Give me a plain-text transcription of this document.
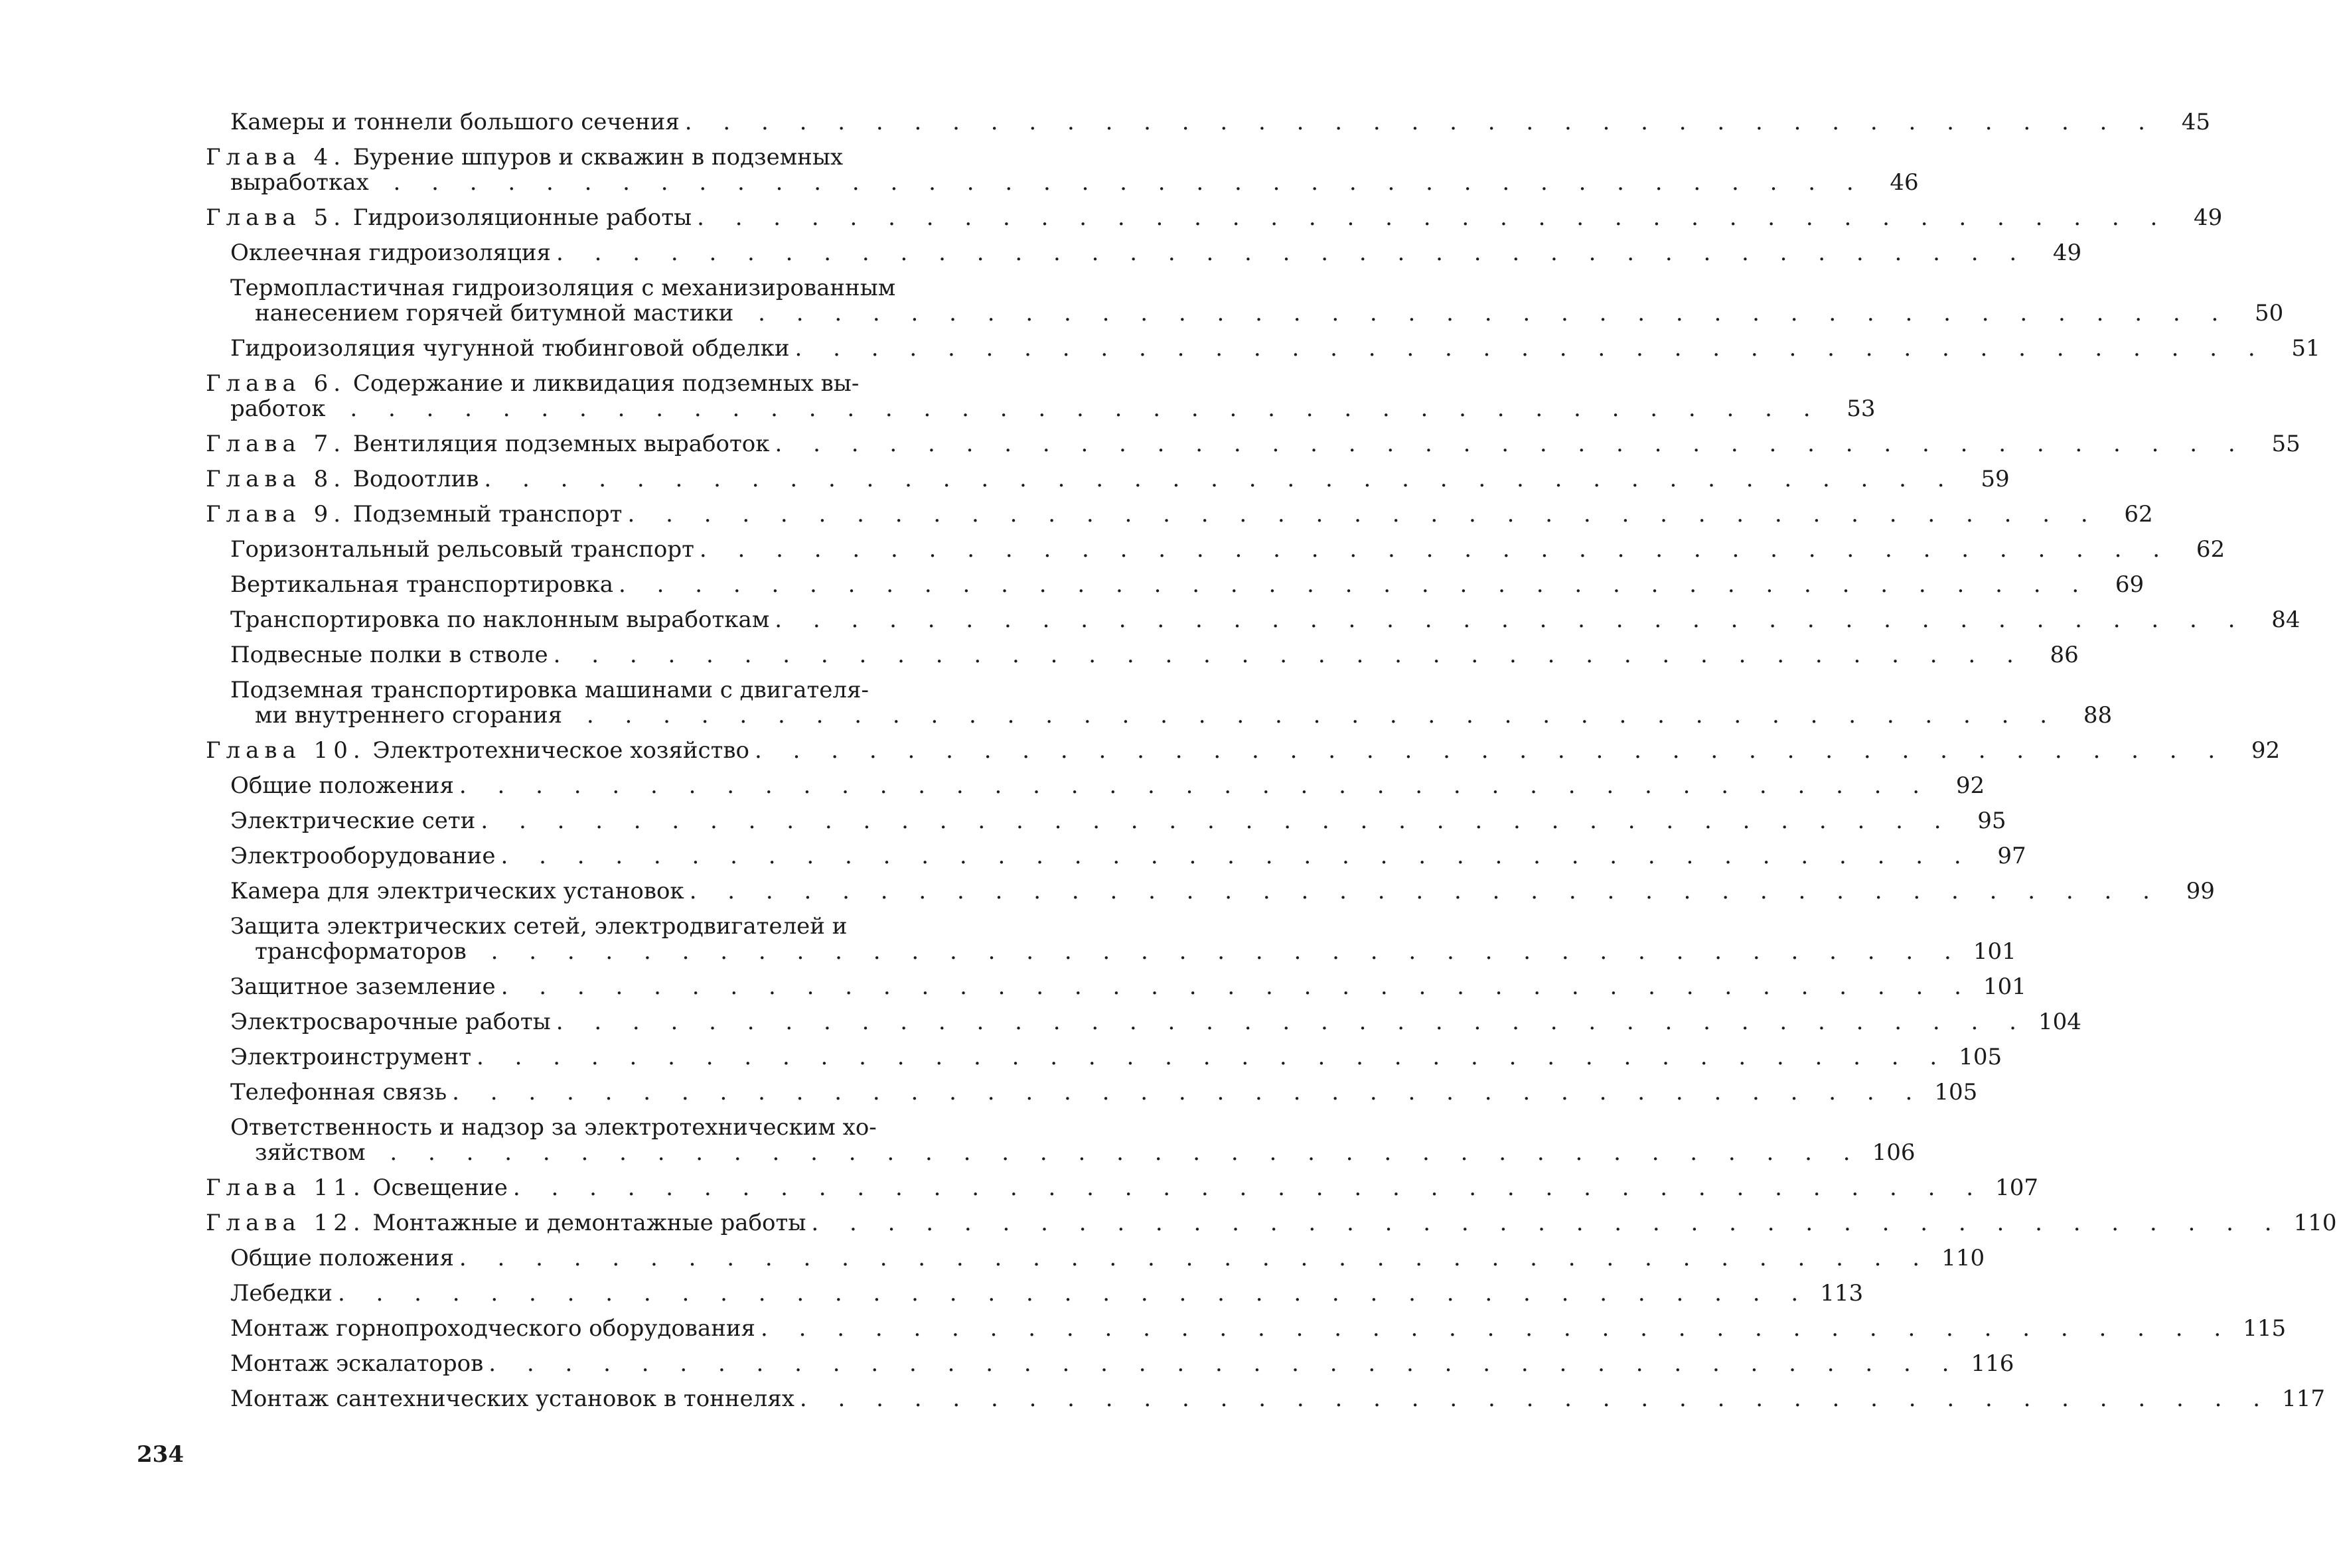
Камеры и тоннели большого сечения . . . . . . . . . . . . . . . . . . . . . . . . . . . . . . . . . . . . . . .	45
Глава 4. Бурение шпуров и скважин в подземных
выработках . . . . . . . . . . . . . . . . . . . . . . . . . . . . . . . . . . . . . . .	46
Глава 5. Гидроизоляционные работы . . . . . . . . . . . . . . . . . . . . . . . . . . . . . . . . . . . . . . .	49
Оклеечная гидроизоляция . . . . . . . . . . . . . . . . . . . . . . . . . . . . . . . . . . . . . . .	49
Термопластичная гидроизоляция с механизированным
нанесением горячей битумной мастики . . . . . . . . . . . . . . . . . . . . . . . . . . . . . . . . . . . . . . .	50
Гидроизоляция чугунной тюбинговой обделки . . . . . . . . . . . . . . . . . . . . . . . . . . . . . . . . . . . . . . .	51
Глава 6. Содержание и ликвидация подземных вы-
работок . . . . . . . . . . . . . . . . . . . . . . . . . . . . . . . . . . . . . . .	53
Глава 7. Вентиляция подземных выработок . . . . . . . . . . . . . . . . . . . . . . . . . . . . . . . . . . . . . . .	55
Глава 8. Водоотлив . . . . . . . . . . . . . . . . . . . . . . . . . . . . . . . . . . . . . . .	59
Глава 9. Подземный транспорт . . . . . . . . . . . . . . . . . . . . . . . . . . . . . . . . . . . . . . .	62
Горизонтальный рельсовый транспорт . . . . . . . . . . . . . . . . . . . . . . . . . . . . . . . . . . . . . . .	62
Вертикальная транспортировка . . . . . . . . . . . . . . . . . . . . . . . . . . . . . . . . . . . . . . .	69
Транспортировка по наклонным выработкам . . . . . . . . . . . . . . . . . . . . . . . . . . . . . . . . . . . . . . .	84
Подвесные полки в стволе . . . . . . . . . . . . . . . . . . . . . . . . . . . . . . . . . . . . . . .	86
Подземная транспортировка машинами с двигателя-
ми внутреннего сгорания . . . . . . . . . . . . . . . . . . . . . . . . . . . . . . . . . . . . . . .	88
Глава 10. Электротехническое хозяйство . . . . . . . . . . . . . . . . . . . . . . . . . . . . . . . . . . . . . . .	92
Общие положения . . . . . . . . . . . . . . . . . . . . . . . . . . . . . . . . . . . . . . .	92
Электрические сети . . . . . . . . . . . . . . . . . . . . . . . . . . . . . . . . . . . . . . .	95
Электрооборудование . . . . . . . . . . . . . . . . . . . . . . . . . . . . . . . . . . . . . . .	97
Камера для электрических установок . . . . . . . . . . . . . . . . . . . . . . . . . . . . . . . . . . . . . . .	99
Защита электрических сетей, электродвигателей и
трансформаторов . . . . . . . . . . . . . . . . . . . . . . . . . . . . . . . . . . . . . . . 101
Защитное заземление . . . . . . . . . . . . . . . . . . . . . . . . . . . . . . . . . . . . . . . 101
Электросварочные работы . . . . . . . . . . . . . . . . . . . . . . . . . . . . . . . . . . . . . . . 104
Электроинструмент . . . . . . . . . . . . . . . . . . . . . . . . . . . . . . . . . . . . . . . 105
Телефонная связь . . . . . . . . . . . . . . . . . . . . . . . . . . . . . . . . . . . . . . . 105
Ответственность и надзор за электротехническим хо-
зяйством . . . . . . . . . . . . . . . . . . . . . . . . . . . . . . . . . . . . . . . 106
Глава 11. Освещение . . . . . . . . . . . . . . . . . . . . . . . . . . . . . . . . . . . . . . . 107
Глава 12. Монтажные и демонтажные работы . . . . . . . . . . . . . . . . . . . . . . . . . . . . . . . . . . . . . . . 110
Общие положения . . . . . . . . . . . . . . . . . . . . . . . . . . . . . . . . . . . . . . . 110
Лебедки . . . . . . . . . . . . . . . . . . . . . . . . . . . . . . . . . . . . . . . 113
Монтаж горнопроходческого оборудования . . . . . . . . . . . . . . . . . . . . . . . . . . . . . . . . . . . . . . . 115
Монтаж эскалаторов . . . . . . . . . . . . . . . . . . . . . . . . . . . . . . . . . . . . . . . 116
Монтаж сантехнических установок в тоннелях . . . . . . . . . . . . . . . . . . . . . . . . . . . . . . . . . . . . . . . 117
234
